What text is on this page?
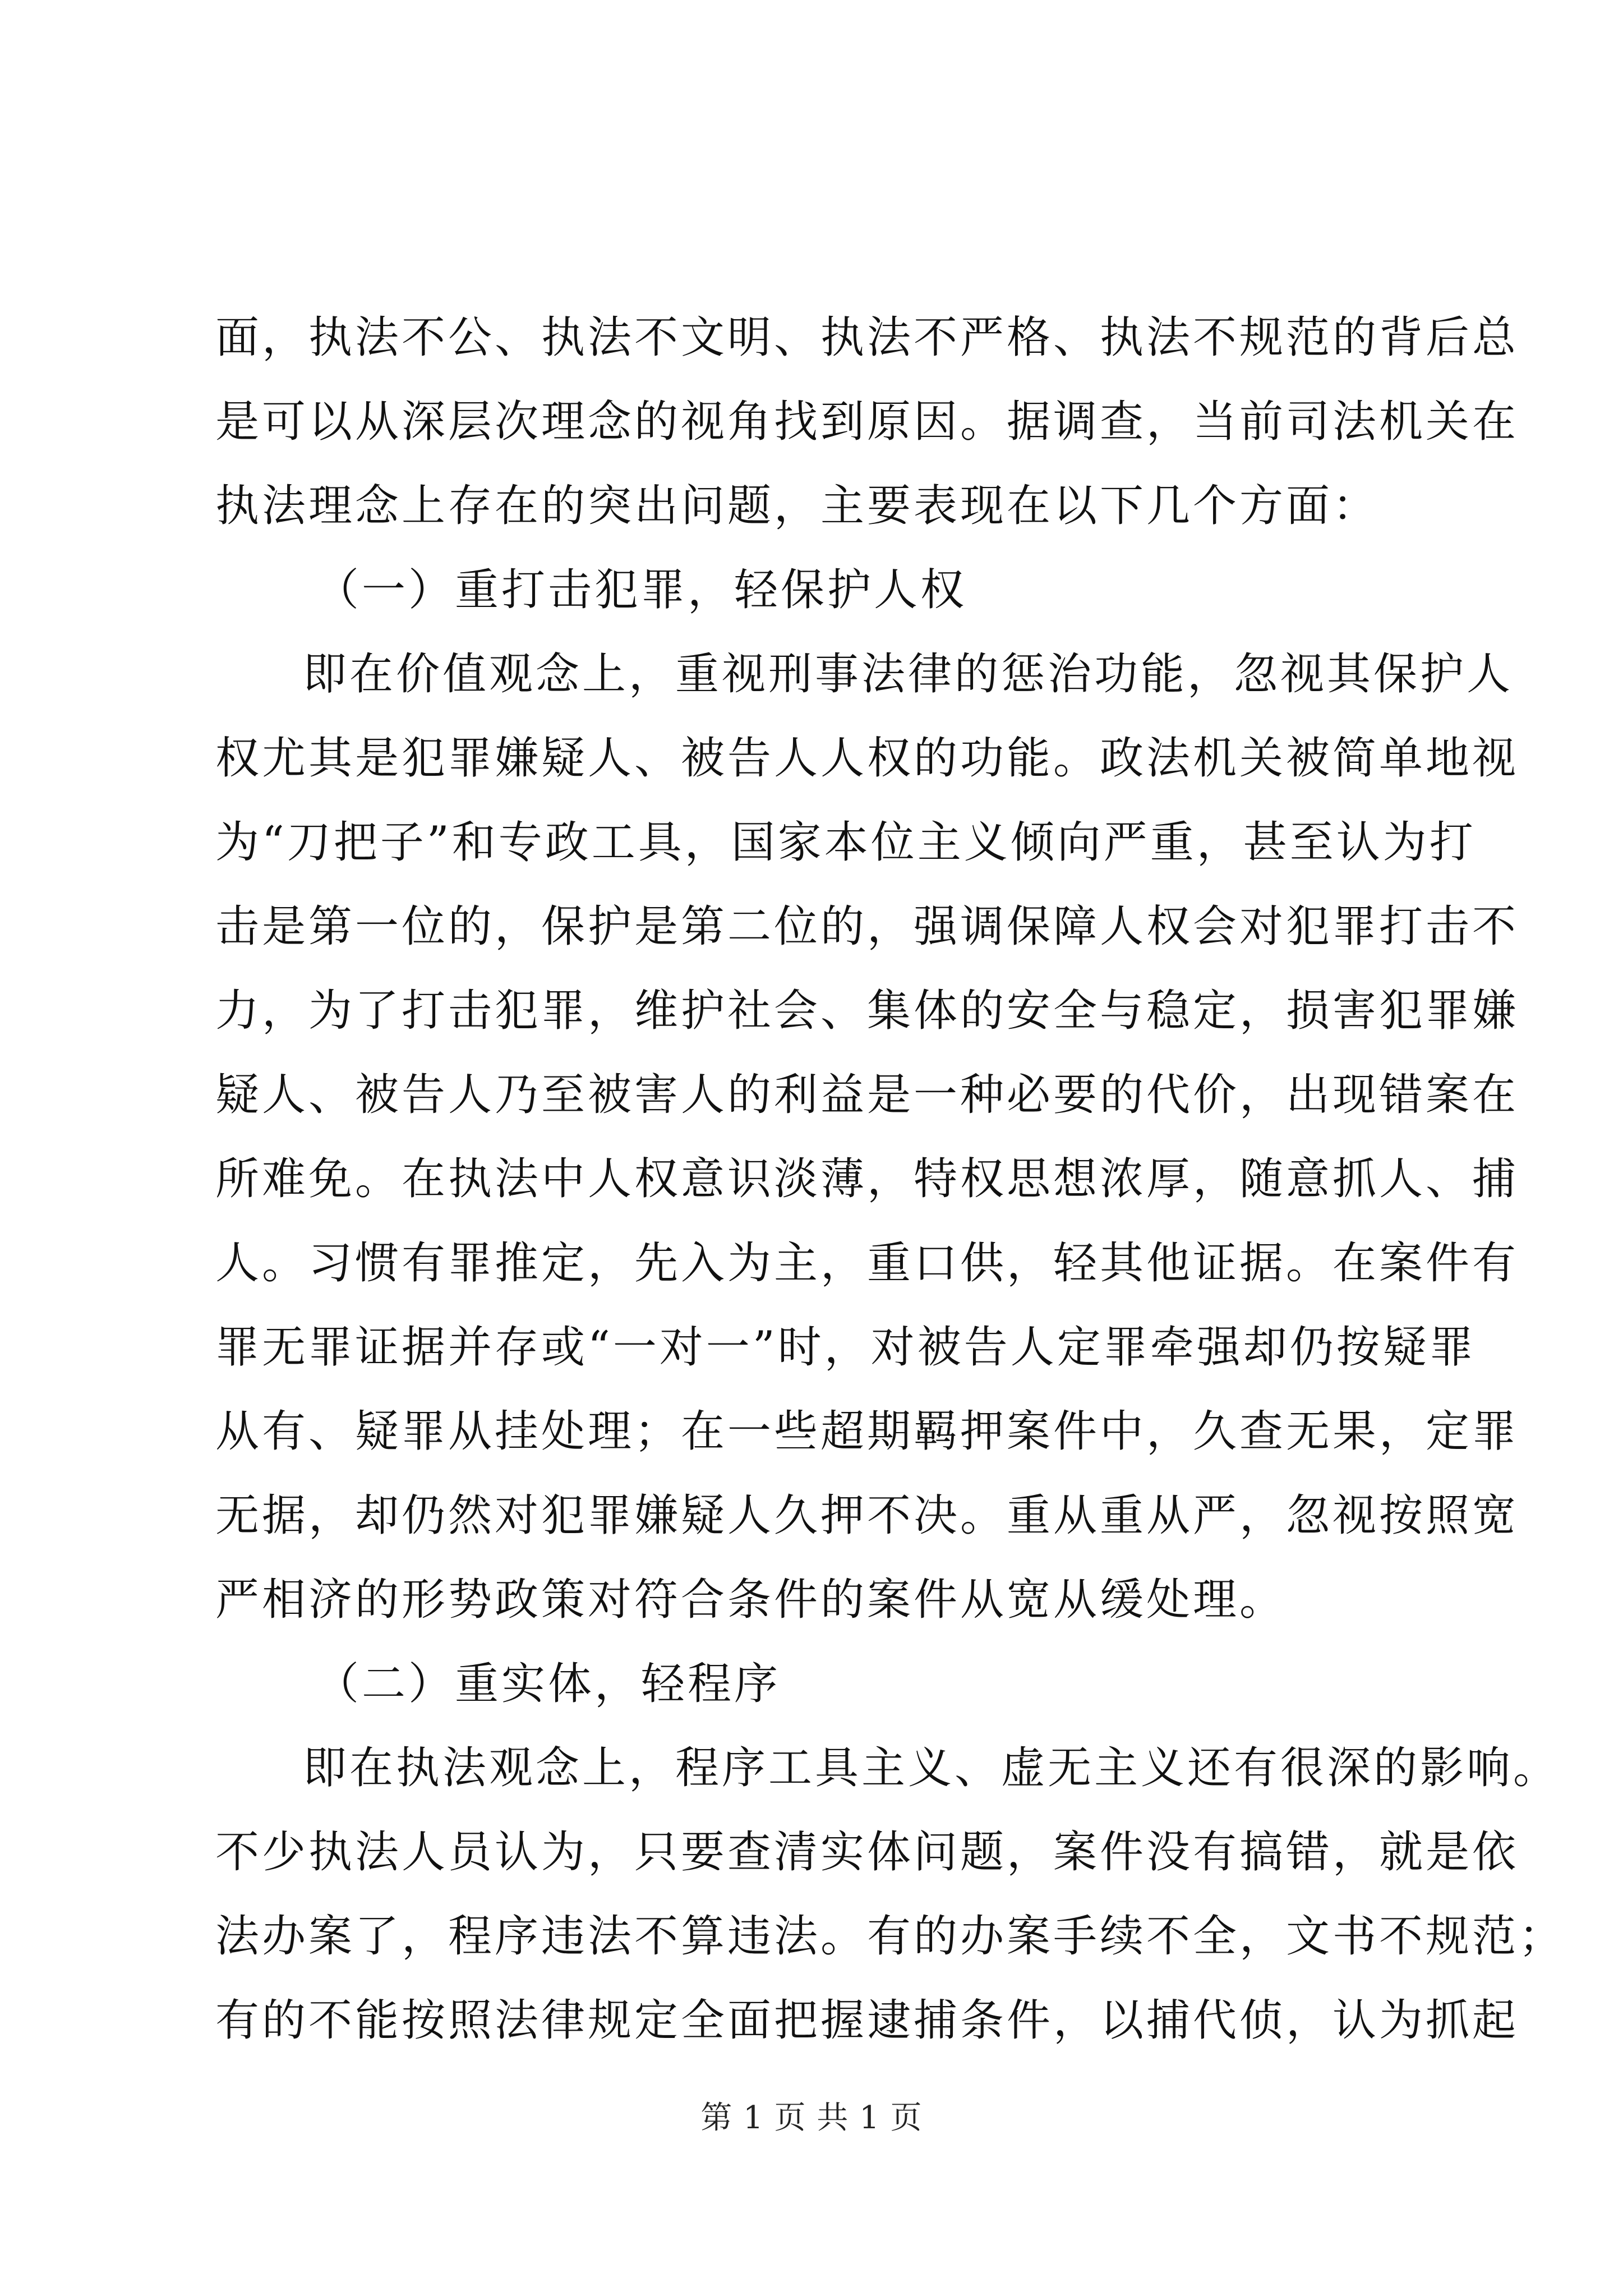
面，执法不公、执法不文明、执法不严格、执法不规范的背后总
是可以从深层次理念的视角找到原因。据调查，当前司法机关在
执法理念上存在的突出问题，主要表现在以下几个方面：
（一）重打击犯罪，轻保护人权
即在价值观念上，重视刑事法律的惩治功能，忽视其保护人
权尤其是犯罪嫌疑人、被告人人权的功能。政法机关被简单地视
为“刀把子”和专政工具，国家本位主义倾向严重，甚至认为打
击是第一位的，保护是第二位的，强调保障人权会对犯罪打击不
力，为了打击犯罪，维护社会、集体的安全与稳定，损害犯罪嫌
疑人、被告人乃至被害人的利益是一种必要的代价，出现错案在
所难免。在执法中人权意识淡薄，特权思想浓厚，随意抓人、捕
人。习惯有罪推定，先入为主，重口供，轻其他证据。在案件有
罪无罪证据并存或“一对一”时，对被告人定罪牵强却仍按疑罪
从有、疑罪从挂处理；在一些超期羁押案件中，久查无果，定罪
无据，却仍然对犯罪嫌疑人久押不决。重从重从严，忽视按照宽
严相济的形势政策对符合条件的案件从宽从缓处理。
（二）重实体，轻程序
即在执法观念上，程序工具主义、虚无主义还有很深的影响。
不少执法人员认为，只要查清实体问题，案件没有搞错，就是依
法办案了，程序违法不算违法。有的办案手续不全，文书不规范；
有的不能按照法律规定全面把握逮捕条件，以捕代侦，认为抓起
第 1 页 共 1 页
